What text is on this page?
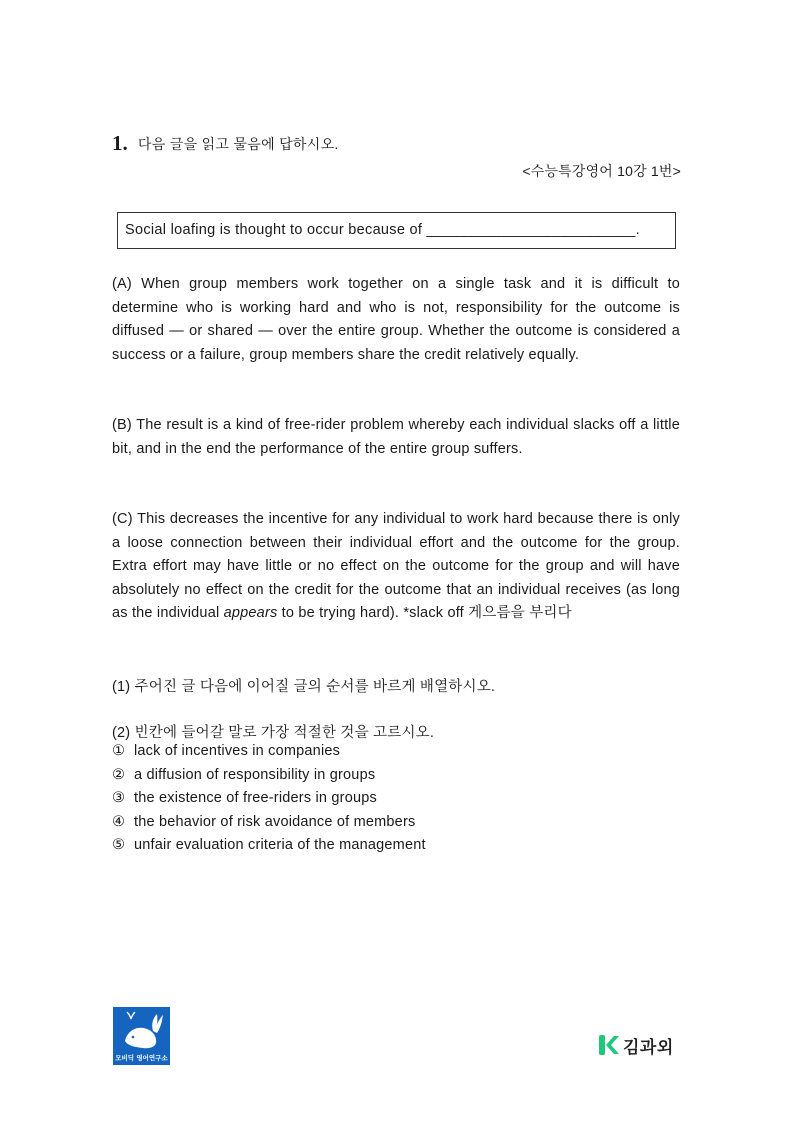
1. 다음 글을 읽고 물음에 답하시오.
<수능특강영어 10강 1번>
Social loafing is thought to occur because of _________________________.

(A) When group members work together on a single task and it is difficult to determine who is working hard and who is not, responsibility for the outcome is diffused — or shared — over the entire group. Whether the outcome is considered a success or a failure, group members share the credit relatively equally.

(B) The result is a kind of free-rider problem whereby each individual slacks off a little bit, and in the end the performance of the entire group suffers.

(C) This decreases the incentive for any individual to work hard because there is only a loose connection between their individual effort and the outcome for the group. Extra effort may have little or no effect on the outcome for the group and will have absolutely no effect on the credit for the outcome that an individual receives (as long as the individual appears to be trying hard). *slack off 게으름을 부리다

(1) 주어진 글 다음에 이어질 글의 순서를 바르게 배열하시오.
(2) 빈칸에 들어갈 말로 가장 적절한 것을 고르시오.
① lack of incentives in companies
② a diffusion of responsibility in groups
③ the existence of free-riders in groups
④ the behavior of risk avoidance of members
⑤ unfair evaluation criteria of the management
모비딕 영어연구소
김과외
